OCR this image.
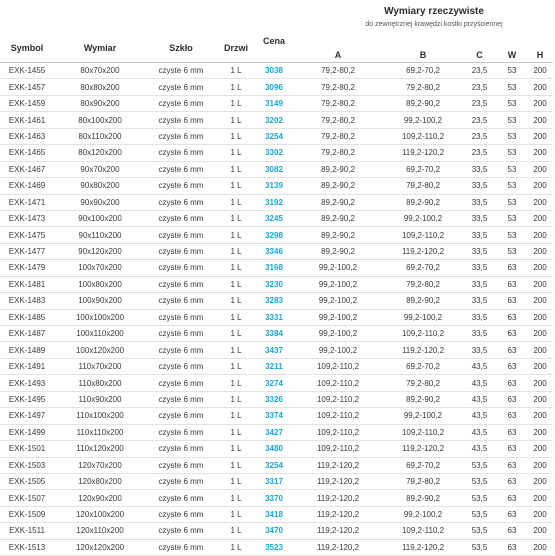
Wymiary rzeczywiste
do zewnętrznej krawędzi kostki przyściennej
Symbol	Wymiar	Szkło	Drzwi	Cena	A	B	C	W	H
EXK-1455	80x70x200	czyste 6 mm	1 L	3038	79,2-80,2	69,2-70,2	23,5	53	200
EXK-1457	80x80x200	czyste 6 mm	1 L	3096	79,2-80,2	79,2-80,2	23,5	53	200
EXK-1459	80x90x200	czyste 6 mm	1 L	3149	79,2-80,2	89,2-90,2	23,5	53	200
EXK-1461	80x100x200	czyste 6 mm	1 L	3202	79,2-80,2	99,2-100,2	23,5	53	200
EXK-1463	80x110x200	czyste 6 mm	1 L	3254	79,2-80,2	109,2-110,2	23,5	53	200
EXK-1465	80x120x200	czyste 6 mm	1 L	3302	79,2-80,2	119,2-120,2	23,5	53	200
EXK-1467	90x70x200	czyste 6 mm	1 L	3082	89,2-90,2	69,2-70,2	33,5	53	200
EXK-1469	90x80x200	czyste 6 mm	1 L	3139	89,2-90,2	79,2-80,2	33,5	53	200
EXK-1471	90x90x200	czyste 6 mm	1 L	3192	89,2-90,2	89,2-90,2	33,5	53	200
EXK-1473	90x100x200	czyste 6 mm	1 L	3245	89,2-90,2	99,2-100,2	33,5	53	200
EXK-1475	90x110x200	czyste 6 mm	1 L	3298	89,2-90,2	109,2-110,2	33,5	53	200
EXK-1477	90x120x200	czyste 6 mm	1 L	3346	89,2-90,2	119,2-120,2	33,5	53	200
EXK-1479	100x70x200	czyste 6 mm	1 L	3168	99,2-100,2	69,2-70,2	33,5	63	200
EXK-1481	100x80x200	czyste 6 mm	1 L	3230	99,2-100,2	79,2-80,2	33,5	63	200
EXK-1483	100x90x200	czyste 6 mm	1 L	3283	99,2-100,2	89,2-90,2	33,5	63	200
EXK-1485	100x100x200	czyste 6 mm	1 L	3331	99,2-100,2	99,2-100,2	33,5	63	200
EXK-1487	100x110x200	czyste 6 mm	1 L	3384	99,2-100,2	109,2-110,2	33,5	63	200
EXK-1489	100x120x200	czyste 6 mm	1 L	3437	99,2-100,2	119,2-120,2	33,5	63	200
EXK-1491	110x70x200	czyste 6 mm	1 L	3211	109,2-110,2	69,2-70,2	43,5	63	200
EXK-1493	110x80x200	czyste 6 mm	1 L	3274	109,2-110,2	79,2-80,2	43,5	63	200
EXK-1495	110x90x200	czyste 6 mm	1 L	3326	109,2-110,2	89,2-90,2	43,5	63	200
EXK-1497	110x100x200	czyste 6 mm	1 L	3374	109,2-110,2	99,2-100,2	43,5	63	200
EXK-1499	110x110x200	czyste 6 mm	1 L	3427	109,2-110,2	109,2-110,2	43,5	63	200
EXK-1501	110x120x200	czyste 6 mm	1 L	3480	109,2-110,2	119,2-120,2	43,5	63	200
EXK-1503	120x70x200	czyste 6 mm	1 L	3254	119,2-120,2	69,2-70,2	53,5	63	200
EXK-1505	120x80x200	czyste 6 mm	1 L	3317	119,2-120,2	79,2-80,2	53,5	63	200
EXK-1507	120x90x200	czyste 6 mm	1 L	3370	119,2-120,2	89,2-90,2	53,5	63	200
EXK-1509	120x100x200	czyste 6 mm	1 L	3418	119,2-120,2	99,2-100,2	53,5	63	200
EXK-1511	120x110x200	czyste 6 mm	1 L	3470	119,2-120,2	109,2-110,2	53,5	63	200
EXK-1513	120x120x200	czyste 6 mm	1 L	3523	119,2-120,2	119,2-120,2	53,5	63	200
